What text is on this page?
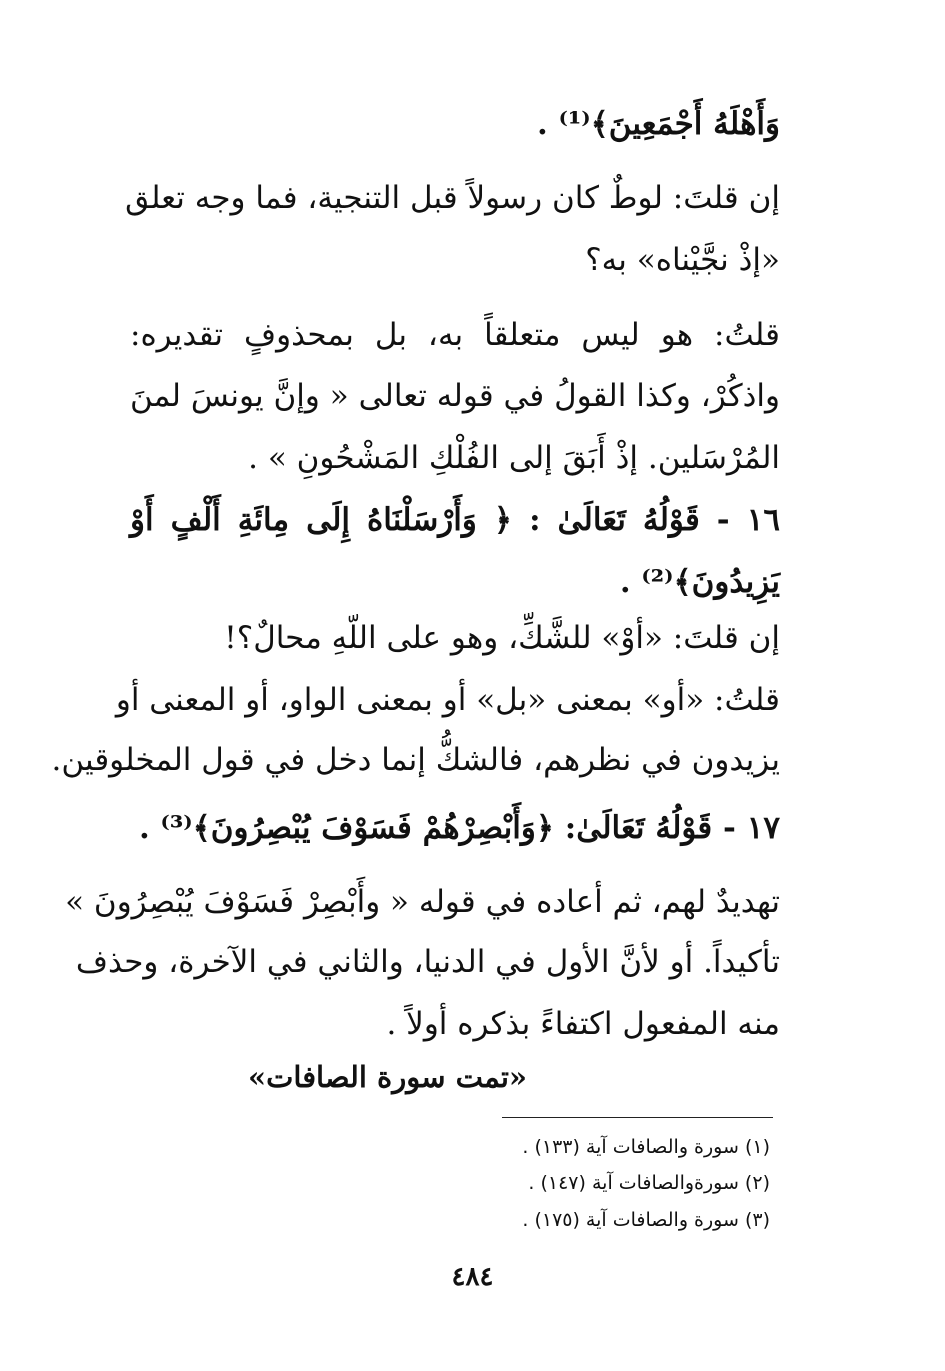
وَأَهْلَهُ أَجْمَعِينَ﴾⁽¹⁾ .
إن قلتَ: لوطٌ كان رسولاً قبل التنجية، فما وجه تعلق
«إذْ نجَّيْناه» به؟
قلتُ: هو ليس متعلقاً به، بل بمحذوفٍ تقديره:
واذكُرْ، وكذا القولُ في قوله تعالى « وإنَّ يونسَ لمنَ
المُرْسَلين. إذْ أَبَقَ إلى الفُلْكِ المَشْحُونِ » .
١٦ - قَوْلُهُ تَعَالَىٰ : ﴿ وَأَرْسَلْنَاهُ إِلَى مِائَةِ أَلْفٍ أَوْ
يَزِيدُونَ﴾⁽²⁾ .
إن قلتَ: «أوْ» للشَّكِّ، وهو على اللّهِ محالٌ؟!
قلتُ: «أو» بمعنى «بل» أو بمعنى الواو، أو المعنى أو
يزيدون في نظرهم، فالشكُّ إنما دخل في قول المخلوقين.
١٧ - قَوْلُهُ تَعَالَىٰ: ﴿وَأَبْصِرْهُمْ فَسَوْفَ يُبْصِرُونَ﴾⁽³⁾ .
تهديدٌ لهم، ثم أعاده في قوله « وأَبْصِرْ فَسَوْفَ يُبْصِرُونَ »
تأكيداً. أو لأنَّ الأول في الدنيا، والثاني في الآخرة، وحذف
منه المفعول اكتفاءً بذكره أولاً .
«تمت سورة الصافات»
(١) سورة والصافات آية (١٣٣) .
(٢) سورةوالصافات آية (١٤٧) .
(٣) سورة والصافات آية (١٧٥) .
٤٨٤
